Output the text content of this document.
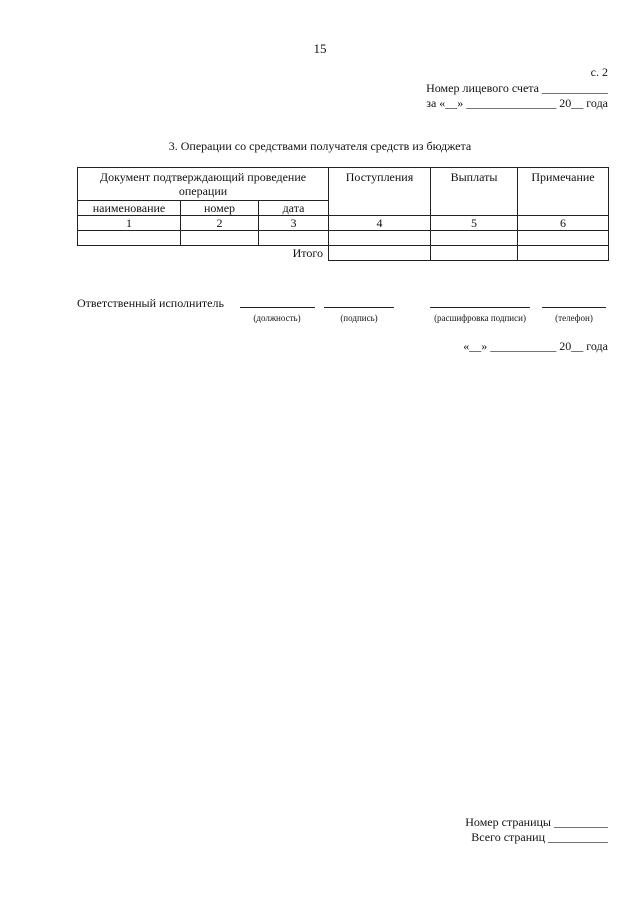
15
с. 2
Номер лицевого счета ___________
за «__» _______________ 20__ года
3. Операции со средствами получателя средств из бюджета
Документ подтверждающий проведение операции			Поступления	Выплаты	Примечание
наименование	номер	дата			
1	2	3	4	5	6

Итого					
Ответственный исполнитель
(должность)	(подпись)	(расшифровка подписи)	(телефон)
«__» ___________ 20__ года
Номер страницы _________
Всего страниц __________
